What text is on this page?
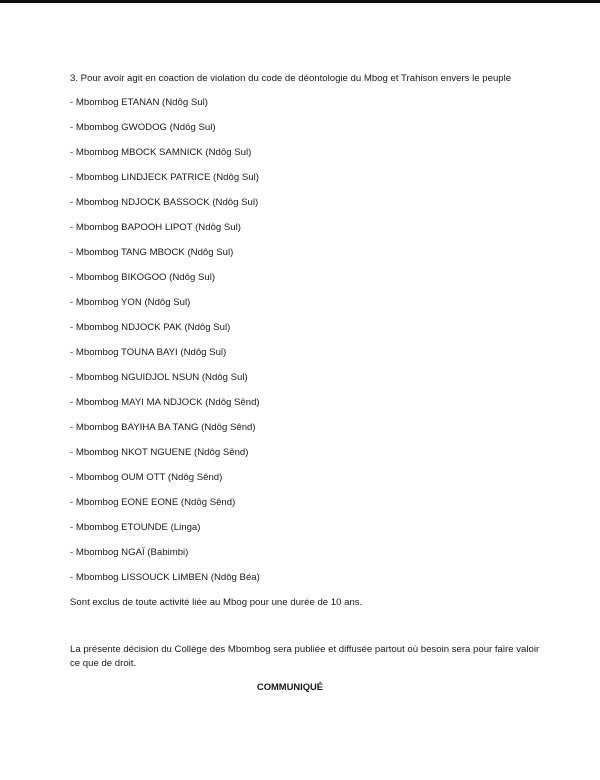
3. Pour avoir agit en coaction de violation du code de déontologie du Mbog et Trahison envers le peuple
- Mbombog ETANAN (Ndôg Sul)
- Mbombog GWODOG (Ndôg Sul)
- Mbombog MBOCK SAMNICK (Ndôg Sul)
- Mbombog LINDJECK PATRICE (Ndôg Sul)
- Mbombog NDJOCK BASSOCK (Ndôg Sul)
- Mbombog BAPOOH LIPOT (Ndôg Sul)
- Mbombog TANG MBOCK (Ndôg Sul)
- Mbombog BIKOGOO (Ndôg Sul)
- Mbombog YON (Ndôg Sul)
- Mbombog NDJOCK PAK (Ndôg Sul)
- Mbombog TOUNA BAYI (Ndôg Sul)
- Mbombog NGUIDJOL NSUN (Ndôg Sul)
- Mbombog MAYI MA NDJOCK (Ndôg Sênd)
- Mbombog BAYIHA BA TANG (Ndôg Sênd)
- Mbombog NKOT NGUENE (Ndôg Sênd)
- Mbombog OUM OTT (Ndôg Sênd)
- Mbombog EONE EONE (Ndôg Sênd)
- Mbombog ETOUNDE (Linga)
- Mbombog NGAÏ (Babimbi)
- Mbombog LISSOUCK LIMBEN (Ndôg Béa)
Sont exclus de toute activité liée au Mbog pour une durée de 10 ans.
La présente décision du Collège des Mbombog sera publiée et diffusée partout où besoin sera pour faire valoir ce que de droit.
COMMUNIQUÉ
